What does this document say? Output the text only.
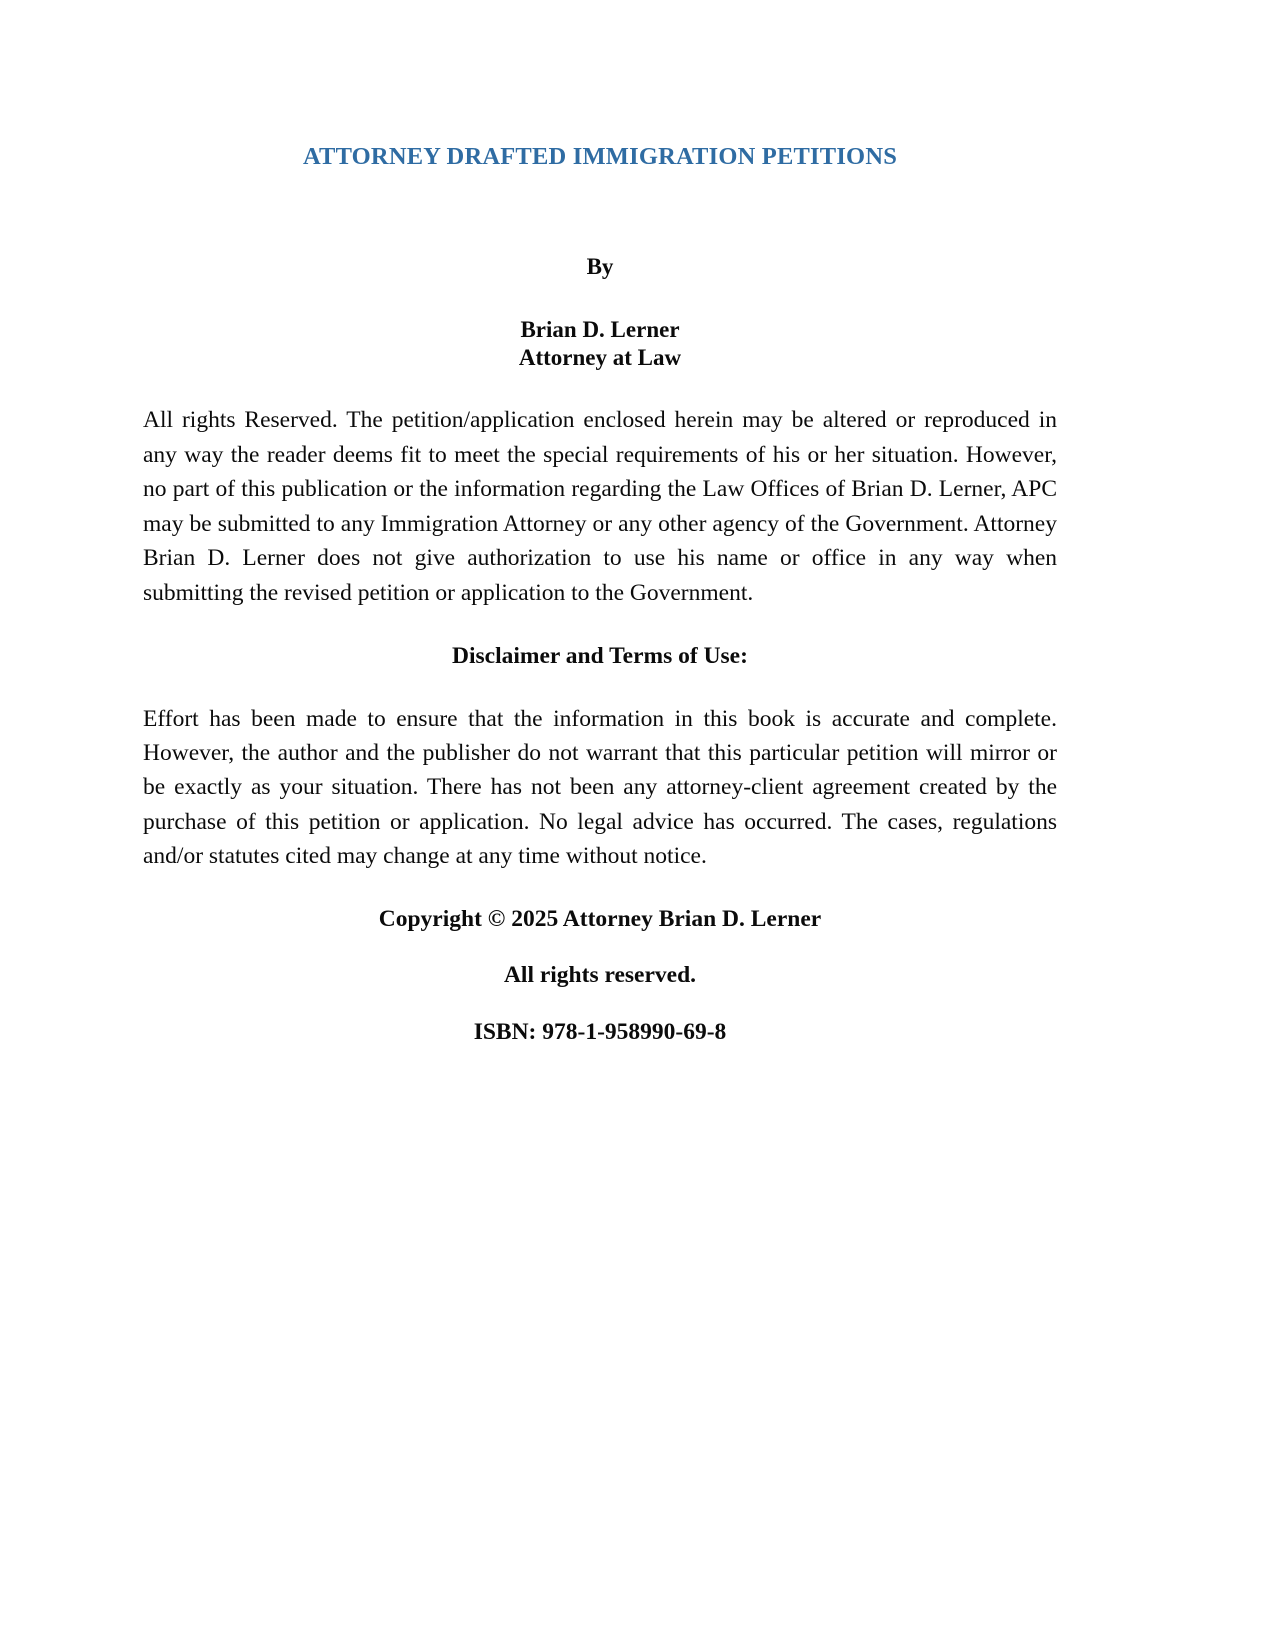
ATTORNEY DRAFTED IMMIGRATION PETITIONS

By

Brian D. Lerner
Attorney at Law

All rights Reserved. The petition/application enclosed herein may be altered or reproduced in any way the reader deems fit to meet the special requirements of his or her situation. However, no part of this publication or the information regarding the Law Offices of Brian D. Lerner, APC may be submitted to any Immigration Attorney or any other agency of the Government. Attorney Brian D. Lerner does not give authorization to use his name or office in any way when submitting the revised petition or application to the Government.

Disclaimer and Terms of Use:

Effort has been made to ensure that the information in this book is accurate and complete. However, the author and the publisher do not warrant that this particular petition will mirror or be exactly as your situation. There has not been any attorney-client agreement created by the purchase of this petition or application. No legal advice has occurred. The cases, regulations and/or statutes cited may change at any time without notice.

Copyright © 2025 Attorney Brian D. Lerner

All rights reserved.

ISBN: 978-1-958990-69-8
